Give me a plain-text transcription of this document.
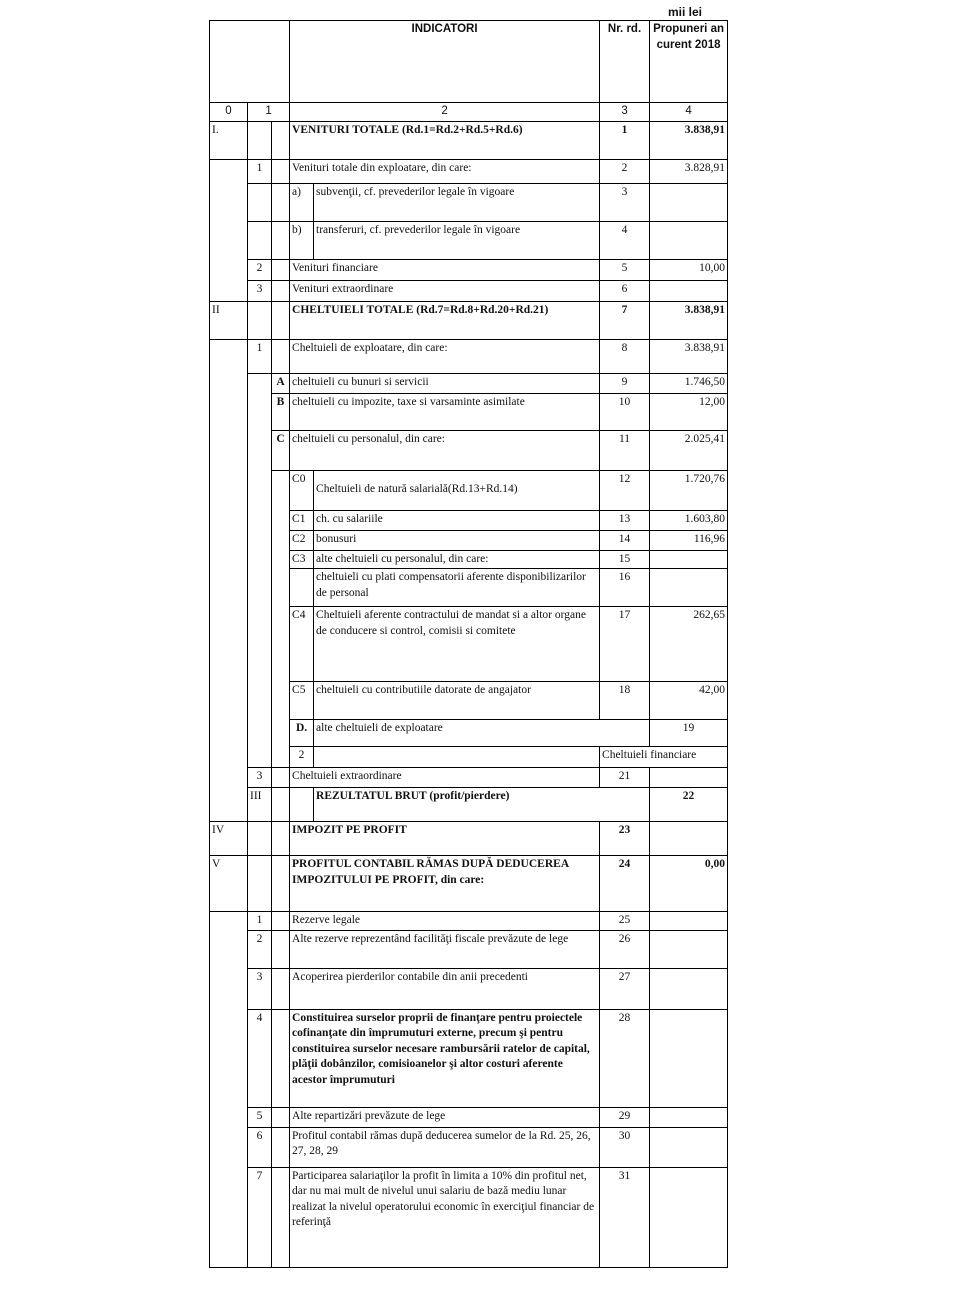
mii lei
			INDICATORI		Nr. rd.	Propuneri an curent 2018	
0	1		2		3	4	
I.			VENITURI TOTALE (Rd.1=Rd.2+Rd.5+Rd.6)		1	3.838,91	
	1		Venituri totale din exploatare, din care:		2	3.828,91	
			a)	subvenţii, cf. prevederilor legale în vigoare	3		
			b)	transferuri, cf. prevederilor legale în vigoare	4		
	2		Venituri financiare		5	10,00	
	3		Venituri extraordinare		6		
II			CHELTUIELI TOTALE (Rd.7=Rd.8+Rd.20+Rd.21)		7	3.838,91	
	1		Cheltuieli de exploatare, din care:		8	3.838,91	
		A	cheltuieli cu bunuri si servicii		9	1.746,50	
		B	cheltuieli cu impozite, taxe si varsaminte asimilate		10	12,00	
		C	cheltuieli cu personalul, din care:		11	2.025,41	
			C0	Cheltuieli de natură salarială(Rd.13+Rd.14)	12	1.720,76	
			C1	ch. cu salariile	13	1.603,80	
			C2	bonusuri	14	116,96	
			C3	alte cheltuieli cu personalul, din care:	15		
				cheltuieli cu plati compensatorii aferente disponibilizarilor de personal	16		
			C4	Cheltuieli aferente contractului de mandat si a altor organe de conducere si control, comisii si comitete	17	262,65	
			C5	cheltuieli cu contributiile datorate de angajator	18	42,00	
			D.	alte cheltuieli de exploatare		19	
			2		Cheltuieli financiare		
	3		Cheltuieli extraordinare		21		
	III			REZULTATUL BRUT (profit/pierdere)		22	
IV			IMPOZIT PE PROFIT		23		
V			PROFITUL CONTABIL RĂMAS DUPĂ DEDUCEREA IMPOZITULUI PE PROFIT, din care:		24	0,00	
	1		Rezerve legale		25		
	2		Alte rezerve reprezentând facilităţi fiscale prevăzute de lege		26		
	3		Acoperirea pierderilor contabile din anii precedenti		27		
	4		Constituirea surselor proprii de finanţare pentru proiectele cofinanţate din împrumuturi externe, precum şi pentru constituirea surselor necesare rambursării ratelor de capital, plăţii dobânzilor, comisioanelor şi altor costuri aferente acestor împrumuturi		28		
	5		Alte repartizări prevăzute de lege		29		
	6		Profitul contabil rămas după deducerea sumelor de la Rd. 25, 26, 27, 28, 29		30		
	7		Participarea salariaţilor la profit în limita a 10% din profitul net, dar nu mai mult de nivelul unui salariu de bază mediu lunar realizat la nivelul operatorului economic în exerciţiul financiar de referinţă		31		
